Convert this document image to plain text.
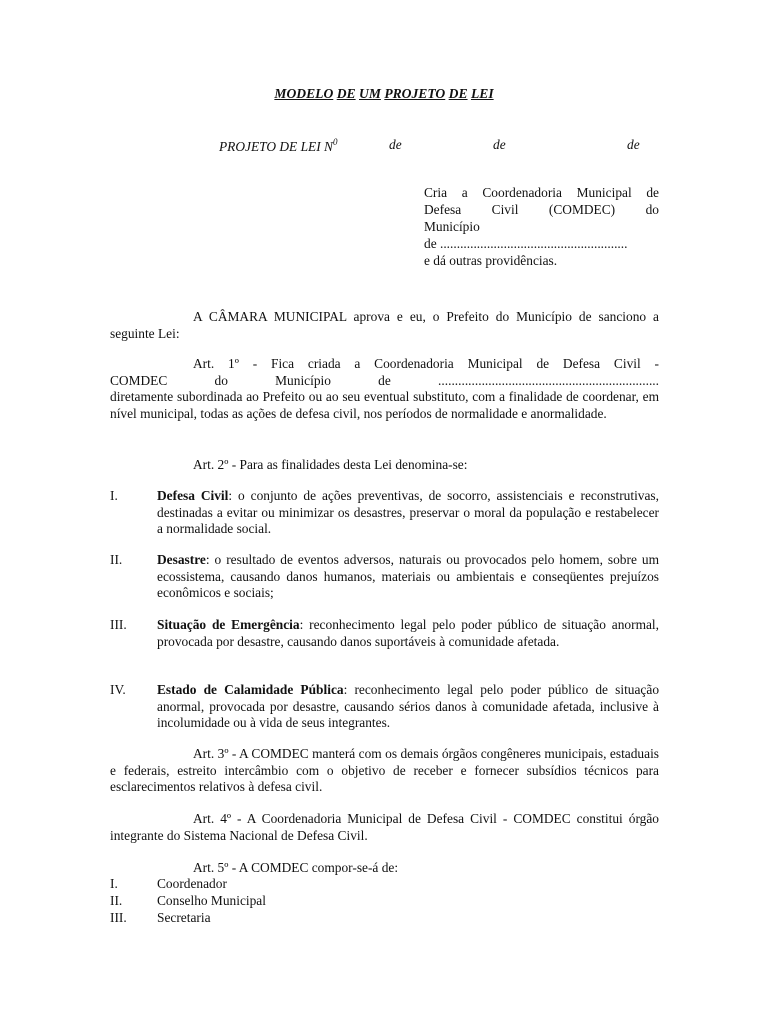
MODELO DE UM PROJETO DE LEI
PROJETO DE LEI $N^0$	de	de	de

Cria a Coordenadoria Municipal de

Defesa Civil (COMDEC) do

Município

de ........................................................

e dá outras providências.

A CÂMARA MUNICIPAL aprova e eu, o Prefeito do Município de sanciono a seguinte Lei:

Art. 1º - Fica criada a Coordenadoria Municipal de Defesa Civil -

COMDEC do Município de ..................................................................

diretamente subordinada ao Prefeito ou ao seu eventual substituto, com a finalidade de coordenar, em nível municipal, todas as ações de defesa civil, nos períodos de normalidade e anormalidade.

Art. 2º - Para as finalidades desta Lei denomina-se:

I.	Defesa Civil: o conjunto de ações preventivas, de socorro, assistenciais e reconstrutivas, destinadas a evitar ou minimizar os desastres, preservar o moral da população e restabelecer a normalidade social.
II.	Desastre: o resultado de eventos adversos, naturais ou provocados pelo homem, sobre um ecossistema, causando danos humanos, materiais ou ambientais e conseqüentes prejuízos econômicos e sociais;
III. Situação de Emergência: reconhecimento legal pelo poder público de situação anormal, provocada por desastre, causando danos suportáveis à comunidade afetada.
IV. Estado de Calamidade Pública: reconhecimento legal pelo poder público de situação anormal, provocada por desastre, causando sérios danos à comunidade afetada, inclusive à incolumidade ou à vida de seus integrantes.

Art. 3º - A COMDEC manterá com os demais órgãos congêneres municipais, estaduais e federais, estreito intercâmbio com o objetivo de receber e fornecer subsídios técnicos para esclarecimentos relativos à defesa civil.

Art. 4º - A Coordenadoria Municipal de Defesa Civil - COMDEC constitui órgão integrante do Sistema Nacional de Defesa Civil.

Art. 5º - A COMDEC compor-se-á de:

I.	Coordenador
II.	Conselho Municipal
III. Secretaria
